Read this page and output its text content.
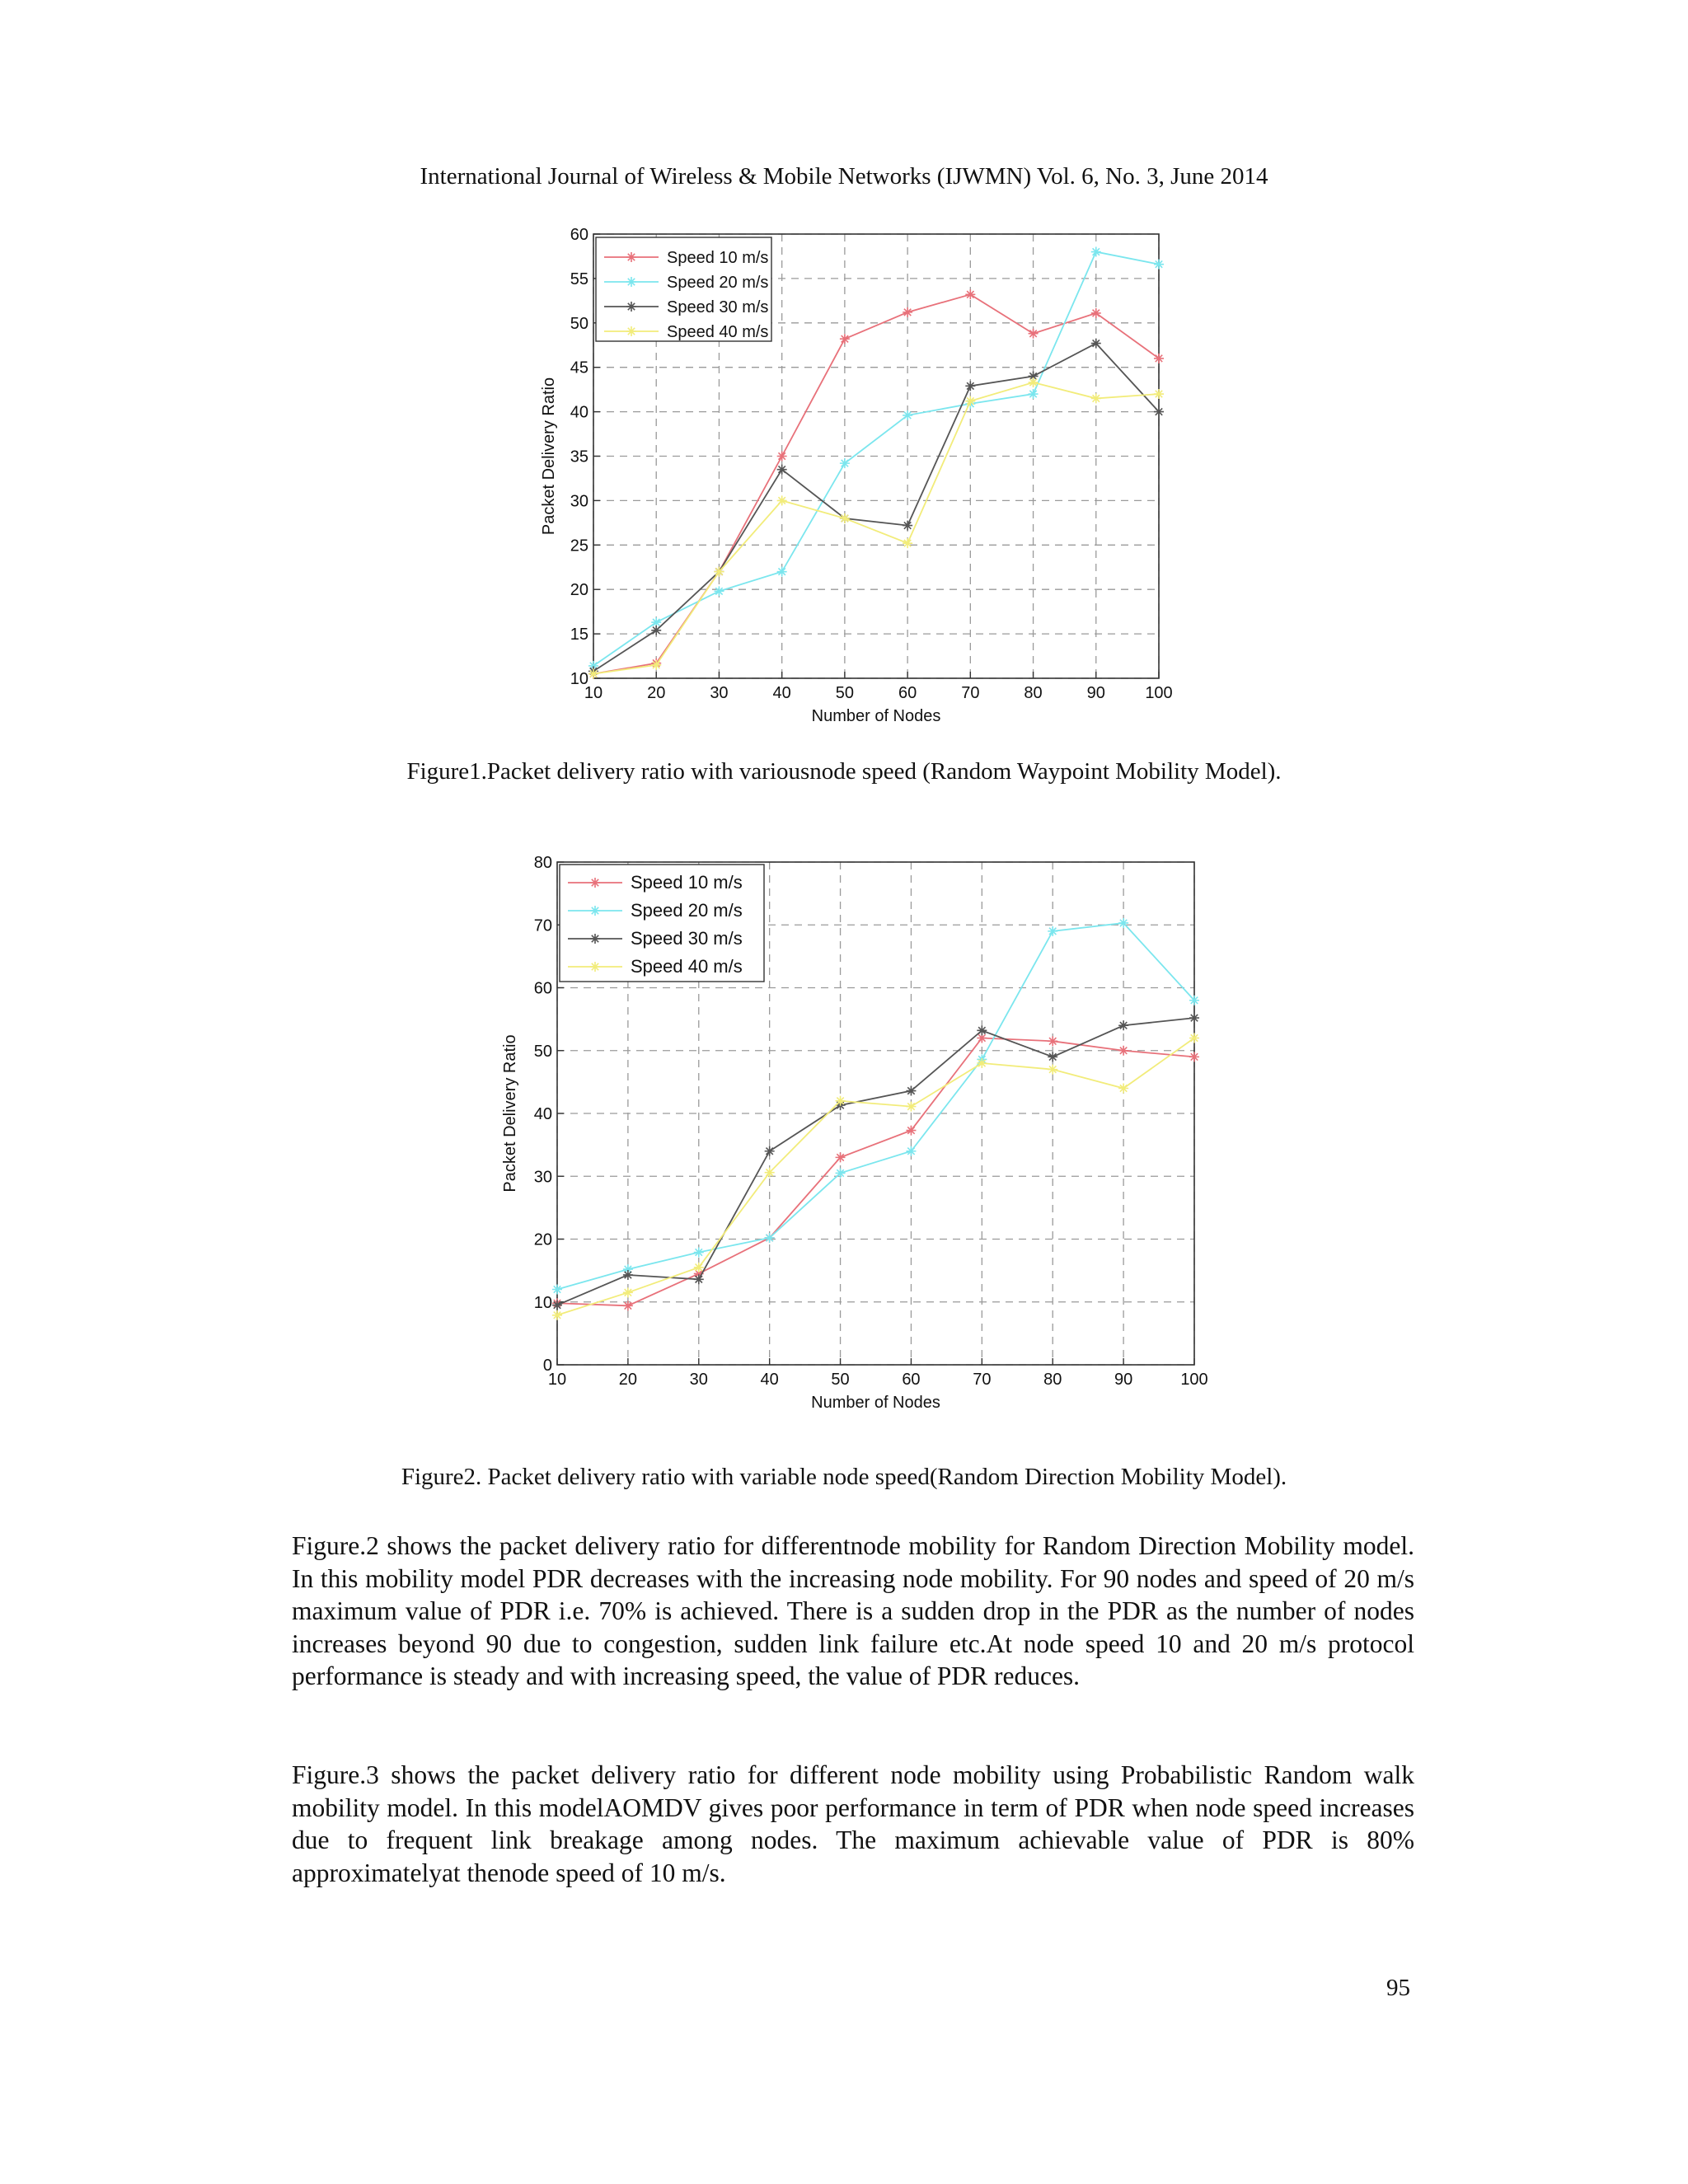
International Journal of Wireless & Mobile Networks (IJWMN) Vol. 6, No. 3, June 2014
10	20	30	40	50	60	70	80	90 100
10
15
20
25
30
35
40
45
50
55
60
Number of Nodes
Packet Delivery Ratio
Speed 10 m/s
Speed 20 m/s
Speed 30 m/s
Speed 40 m/s
Figure1.Packet delivery ratio with variousnode speed (Random Waypoint Mobility Model).
10	20	30	40	50	60	70	80	90	100
0
10
20
30
40
50
60
70
80
Number of Nodes
Packet Delivery Ratio
Speed 10 m/s
Speed 20 m/s
Speed 30 m/s
Speed 40 m/s
Figure2. Packet delivery ratio with variable node speed(Random Direction Mobility Model).
Figure.2 shows the packet delivery ratio for differentnode mobility for Random Direction Mobility model. In this mobility model PDR decreases with the increasing node mobility. For 90 nodes and speed of 20 m/s maximum value of PDR i.e. 70% is achieved. There is a sudden drop in the PDR as the number of nodes increases beyond 90 due to congestion, sudden link failure etc.At node speed 10 and 20 m/s protocol performance is steady and with increasing speed, the value of PDR reduces.
Figure.3 shows the packet delivery ratio for different node mobility using Probabilistic Random walk mobility model. In this modelAOMDV gives poor performance in term of PDR when node speed increases due to frequent link breakage among nodes. The maximum achievable value of PDR is 80% approximatelyat thenode speed of 10 m/s.
95
